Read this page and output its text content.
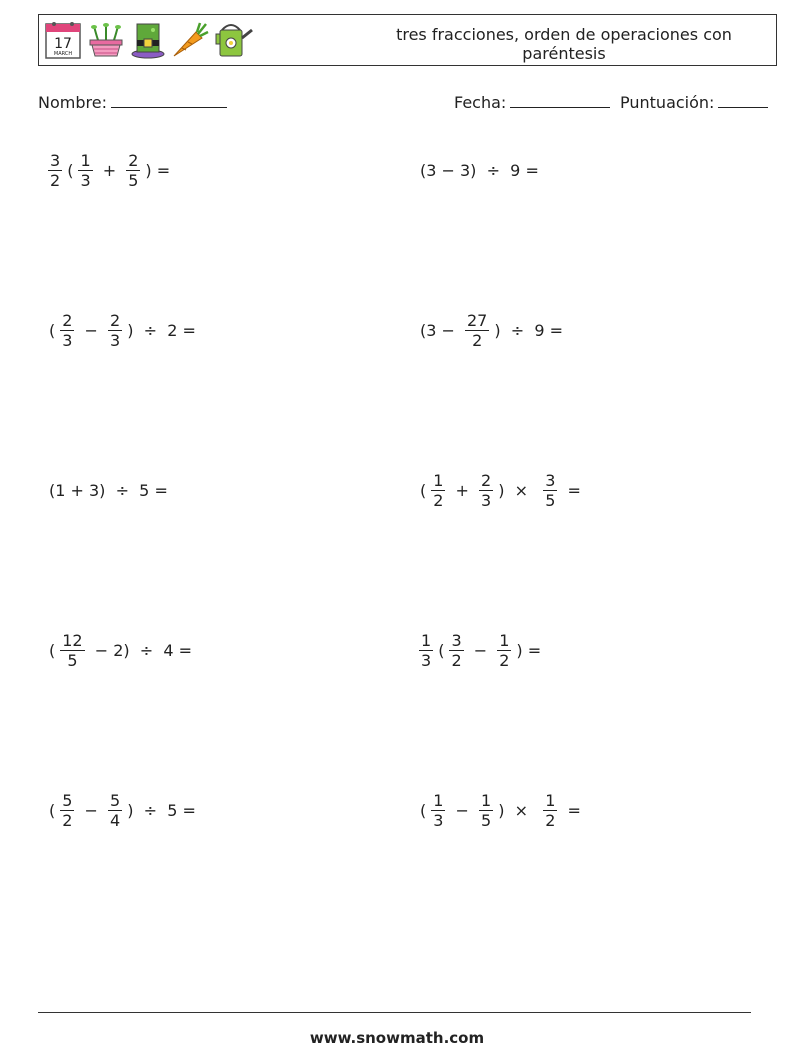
17
MARCH
tres fracciones, orden de operaciones con
paréntesis
Nombre:	Fecha:	Puntuación:
$\frac{3}{2}$ ( $\frac{1}{3} + \frac{2}{5}$ ) =	(3 − 3)  ÷  9 =
( $\frac{2}{3} - \frac{2}{3}$ )  ÷  2 =	($3 - \frac{27}{2}$ )  ÷  9 =
(1 + 3)  ÷  5 =	( $\frac{1}{2} + \frac{2}{3}$ )  × $\frac{3}{5}$ =
( $\frac{12}{5} - 2) \div 4$ =	$\frac{1}{3}$ ( $\frac{3}{2} - \frac{1}{2}$ ) =
( $\frac{5}{2} - \frac{5}{4}$ )  ÷  5 =	( $\frac{1}{3} - \frac{1}{5}$ )  × $\frac{1}{2}$ =
www.snowmath.com
